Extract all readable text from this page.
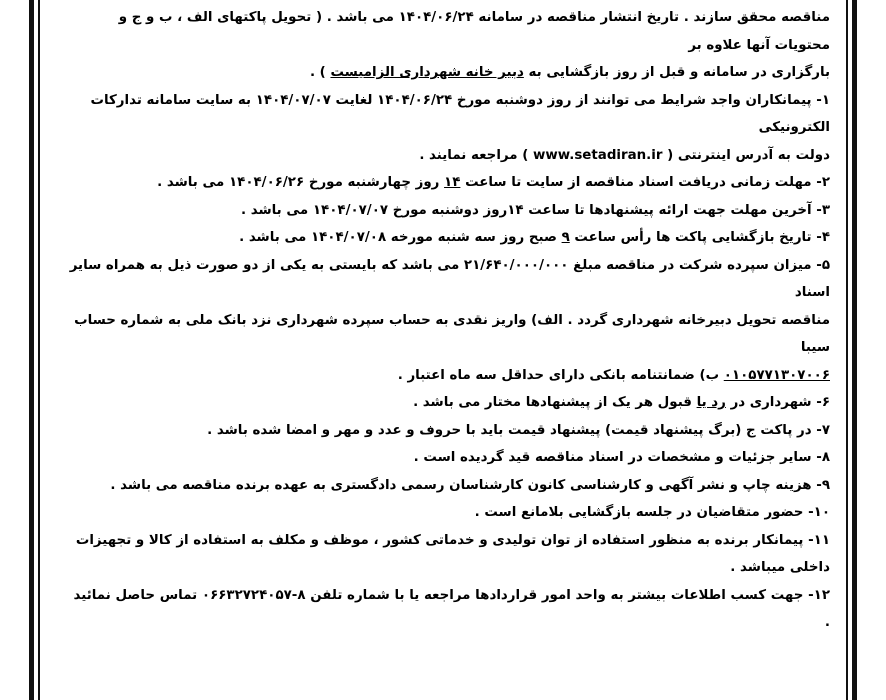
مناقصه محقق سازند . تاریخ انتشار مناقصه در سامانه ۱۴۰۴/۰۶/۲۴ می باشد . ( تحویل پاکتهای الف ، ب و ج و محتویات آنها علاوه بر

بارگزاری در سامانه و قبل از روز بازگشایی به دبیر خانه شهرداری الزامیست ) .

۱- پیمانکاران واجد شرایط می توانند از روز دوشنبه مورخ ۱۴۰۴/۰۶/۲۴ لغایت ۱۴۰۴/۰۷/۰۷ به سایت سامانه تدارکات الکترونیکی

دولت به آدرس اینترنتی ( www.setadiran.ir ) مراجعه نمایند .

۲- مهلت زمانی دریافت اسناد مناقصه از سایت تا ساعت ۱۴ روز چهارشنبه مورخ ۱۴۰۴/۰۶/۲۶ می باشد .

۳- آخرین مهلت جهت ارائه پیشنهادها تا ساعت ۱۴روز دوشنبه مورخ ۱۴۰۴/۰۷/۰۷ می باشد .

۴- تاریخ بازگشایی پاکت ها رأس ساعت ۹ صبح روز سه شنبه مورخه ۱۴۰۴/۰۷/۰۸ می باشد .

۵- میزان سپرده شرکت در مناقصه مبلغ ۲۱/۶۴۰/۰۰۰/۰۰۰ می باشد که بایستی به یکی از دو صورت ذیل به همراه سایر اسناد

مناقصه تحویل دبیرخانه شهرداری گردد . الف) واریز نقدی به حساب سپرده شهرداری نزد بانک ملی به شماره حساب سیبا

۰۱۰۵۷۷۱۳۰۷۰۰۶ ب) ضمانتنامه بانکی دارای حداقل سه ماه اعتبار .

۶- شهرداری در رد یا قبول هر یک از پیشنهادها مختار می باشد .

۷- در پاکت ج (برگ پیشنهاد قیمت) پیشنهاد قیمت باید با حروف و عدد و مهر و امضا شده باشد .

۸- سایر جزئیات و مشخصات در اسناد مناقصه قید گردیده است .

۹- هزینه چاپ و نشر آگهی و کارشناسی کانون کارشناسان رسمی دادگستری به عهده برنده مناقصه می باشد .

۱۰- حضور متقاضیان در جلسه بازگشایی بلامانع است .

۱۱- پیمانکار برنده به منظور استفاده از توان تولیدی و خدماتی کشور ، موظف و مکلف به استفاده از کالا و تجهیزات داخلی میباشد .

۱۲- جهت کسب اطلاعات بیشتر به واحد امور قراردادها مراجعه یا با شماره تلفن ۸-۰۶۶۳۲۷۲۴۰۵۷ تماس حاصل نمائید .
